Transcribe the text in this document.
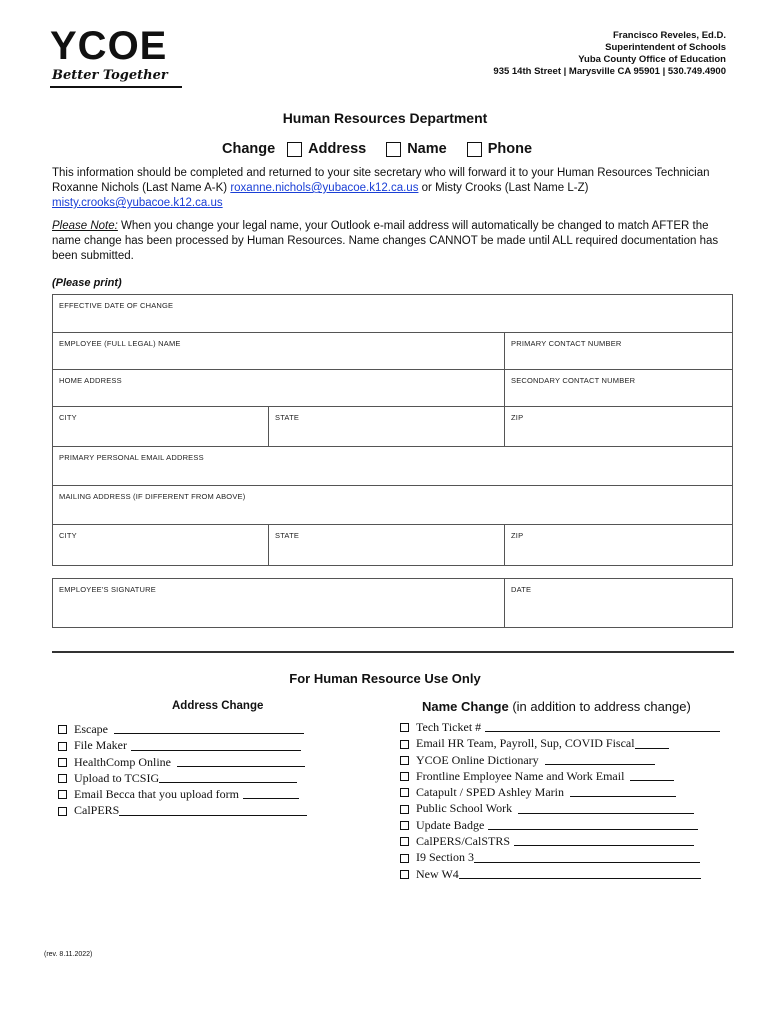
YCOE
Better Together
Francisco Reveles, Ed.D.
Superintendent of Schools
Yuba County Office of Education
935 14th Street | Marysville CA 95901 | 530.749.4900
Human Resources Department
Change Address	Name	Phone
This information should be completed and returned to your site secretary who will forward it to your Human Resources Technician Roxanne Nichols (Last Name A-K) roxanne.nichols@yubacoe.k12.ca.us or Misty Crooks (Last Name L-Z) misty.crooks@yubacoe.k12.ca.us
Please Note: When you change your legal name, your Outlook e-mail address will automatically be changed to match AFTER the name change has been processed by Human Resources. Name changes CANNOT be made until ALL required documentation has been submitted.
(Please print)
EFFECTIVE DATE OF CHANGE
EMPLOYEE (FULL LEGAL) NAME	PRIMARY CONTACT NUMBER
HOME ADDRESS	SECONDARY CONTACT NUMBER
CITY	STATE	ZIP
PRIMARY PERSONAL EMAIL ADDRESS
MAILING ADDRESS (IF DIFFERENT FROM ABOVE)
CITY	STATE	ZIP
EMPLOYEE'S SIGNATURE	DATE
For Human Resource Use Only
Address Change	Name Change (in addition to address change)
Escape
File Maker
HealthComp Online
Upload to TCSIG
Email Becca that you upload form
CalPERS
Tech Ticket #
Email HR Team, Payroll, Sup, COVID Fiscal
YCOE Online Dictionary
Frontline Employee Name and Work Email
Catapult / SPED Ashley Marin
Public School Work
Update Badge
CalPERS/CalSTRS
I9 Section 3
New W4
(rev. 8.11.2022)
